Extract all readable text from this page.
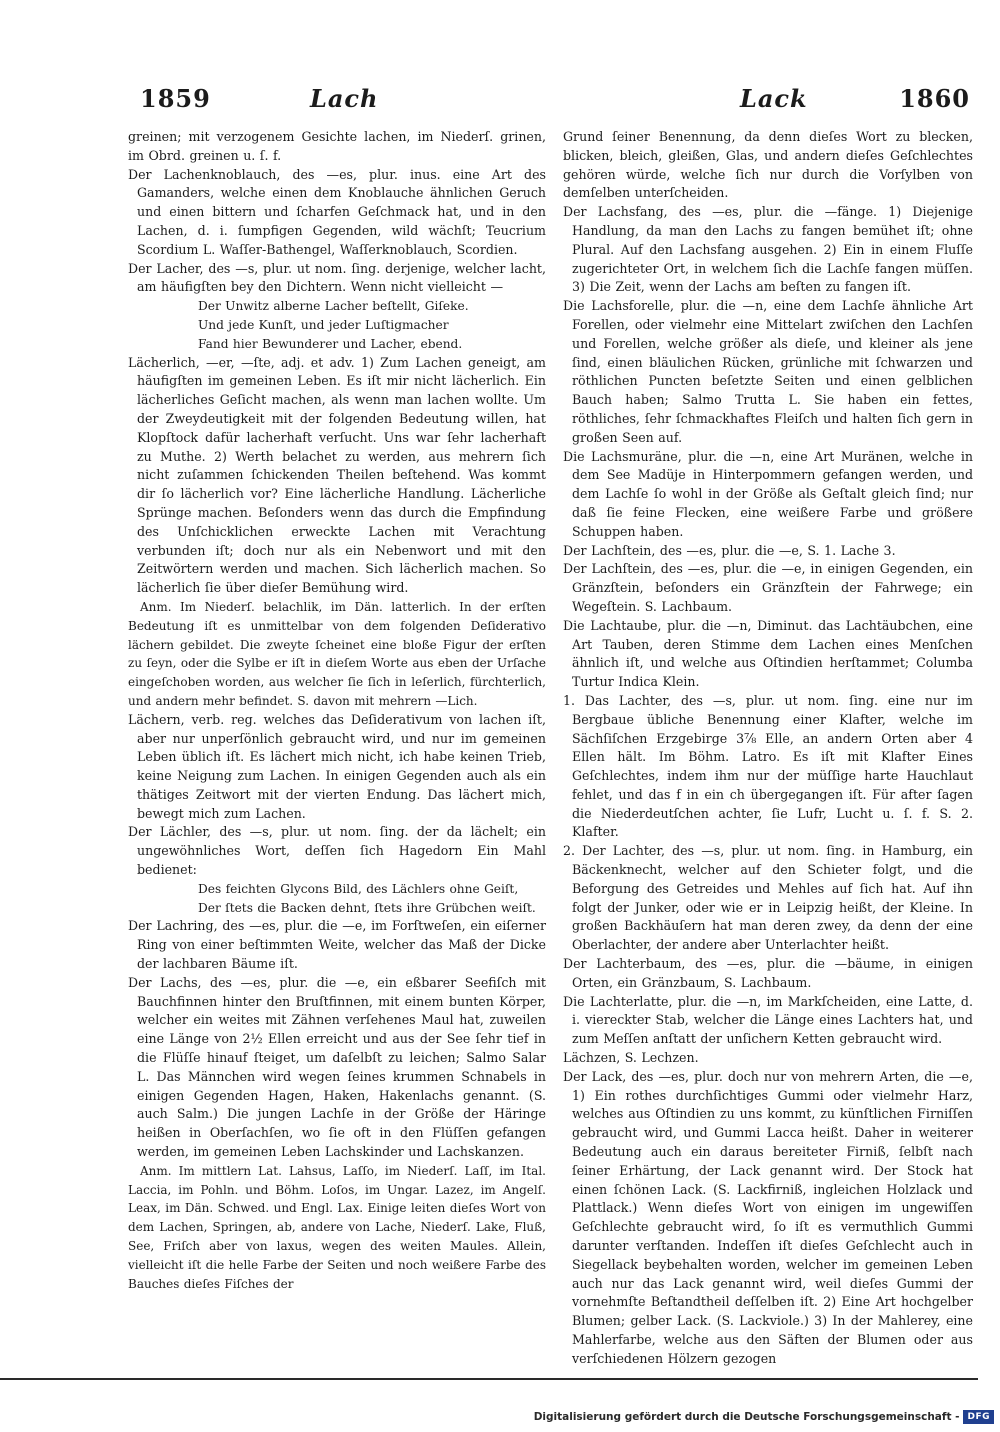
1859	Lach	Lack	1860

greinen; mit verzogenem Gesichte lachen, im Niederſ. grinen, im Obrd. greinen u. ſ. f.

Der Lachenknoblauch, des —es, plur. inus. eine Art des Gamanders, welche einen dem Knoblauche ähnlichen Geruch und einen bittern und ſcharfen Geſchmack hat, und in den Lachen, d. i. ſumpfigen Gegenden, wild wächſt; Teucrium Scordium L. Waſſer-Bathengel, Waſſerknoblauch, Scordien.

Der Lacher, des —s, plur. ut nom. ſing. derjenige, welcher lacht, am häufigſten bey den Dichtern. Wenn nicht vielleicht —

Der Unwitz alberne Lacher beſtellt, Giſeke.

Und jede Kunſt, und jeder Luſtigmacher

Fand hier Bewunderer und Lacher, ebend.

Lächerlich, —er, —ſte, adj. et adv. 1) Zum Lachen geneigt, am häufigſten im gemeinen Leben. Es iſt mir nicht lächerlich. Ein lächerliches Geſicht machen, als wenn man lachen wollte. Um der Zweydeutigkeit mit der folgenden Bedeutung willen, hat Klopſtock dafür lacherhaft verſucht. Uns war ſehr lacherhaft zu Muthe. 2) Werth belachet zu werden, aus mehrern ſich nicht zuſammen ſchickenden Theilen beſtehend. Was kommt dir ſo lächerlich vor? Eine lächerliche Handlung. Lächerliche Sprünge machen. Beſonders wenn das durch die Empfindung des Unſchicklichen erweckte Lachen mit Verachtung verbunden iſt; doch nur als ein Nebenwort und mit den Zeitwörtern werden und machen. Sich lächerlich machen. So lächerlich ſie über dieſer Bemühung wird.

Anm. Im Niederſ. belachlik, im Dän. latterlich. In der erſten Bedeutung iſt es unmittelbar von dem folgenden Deſiderativo lächern gebildet. Die zweyte ſcheinet eine bloße Figur der erſten zu ſeyn, oder die Sylbe er iſt in dieſem Worte aus eben der Urſache eingeſchoben worden, aus welcher ſie ſich in leſerlich, fürchterlich, und andern mehr befindet. S. davon mit mehrern —Lich.

Lächern, verb. reg. welches das Deſiderativum von lachen iſt, aber nur unperſönlich gebraucht wird, und nur im gemeinen Leben üblich iſt. Es lächert mich nicht, ich habe keinen Trieb, keine Neigung zum Lachen. In einigen Gegenden auch als ein thätiges Zeitwort mit der vierten Endung. Das lächert mich, bewegt mich zum Lachen.

Der Lächler, des —s, plur. ut nom. ſing. der da lächelt; ein ungewöhnliches Wort, deſſen ſich Hagedorn Ein Mahl bedienet:

Des feichten Glycons Bild, des Lächlers ohne Geiſt,

Der ſtets die Backen dehnt, ſtets ihre Grübchen weiſt.

Der Lachring, des —es, plur. die —e, im Forſtweſen, ein eiſerner Ring von einer beſtimmten Weite, welcher das Maß der Dicke der lachbaren Bäume iſt.

Der Lachs, des —es, plur. die —e, ein eßbarer Seefiſch mit Bauchfinnen hinter den Bruſtfinnen, mit einem bunten Körper, welcher ein weites mit Zähnen verſehenes Maul hat, zuweilen eine Länge von 2½ Ellen erreicht und aus der See ſehr tief in die Flüſſe hinauf ſteiget, um daſelbſt zu leichen; Salmo Salar L. Das Männchen wird wegen ſeines krummen Schnabels in einigen Gegenden Hagen, Haken, Hakenlachs genannt. (S. auch Salm.) Die jungen Lachſe in der Größe der Häringe heißen in Oberſachſen, wo ſie oft in den Flüſſen gefangen werden, im gemeinen Leben Lachskinder und Lachskanzen.

Anm. Im mittlern Lat. Lahsus, Laſſo, im Niederſ. Laſſ, im Ital. Laccia, im Pohln. und Böhm. Loſos, im Ungar. Lazez, im Angelſ. Leax, im Dän. Schwed. und Engl. Lax. Einige leiten dieſes Wort von dem Lachen, Springen, ab, andere von Lache, Niederſ. Lake, Fluß, See, Friſch aber von laxus, wegen des weiten Maules. Allein, vielleicht iſt die helle Farbe der Seiten und noch weißere Farbe des Bauches dieſes Fiſches der

Grund ſeiner Benennung, da denn dieſes Wort zu blecken, blicken, bleich, gleißen, Glas, und andern dieſes Geſchlechtes gehören würde, welche ſich nur durch die Vorſylben von demſelben unterſcheiden.

Der Lachsfang, des —es, plur. die —fänge. 1) Diejenige Handlung, da man den Lachs zu fangen bemühet iſt; ohne Plural. Auf den Lachsfang ausgehen. 2) Ein in einem Fluſſe zugerichteter Ort, in welchem ſich die Lachſe fangen müſſen. 3) Die Zeit, wenn der Lachs am beſten zu fangen iſt.

Die Lachsforelle, plur. die —n, eine dem Lachſe ähnliche Art Forellen, oder vielmehr eine Mittelart zwiſchen den Lachſen und Forellen, welche größer als dieſe, und kleiner als jene ſind, einen bläulichen Rücken, grünliche mit ſchwarzen und röthlichen Puncten beſetzte Seiten und einen gelblichen Bauch haben; Salmo Trutta L. Sie haben ein fettes, röthliches, ſehr ſchmackhaftes Fleiſch und halten ſich gern in großen Seen auf.

Die Lachsmuräne, plur. die —n, eine Art Muränen, welche in dem See Madüje in Hinterpommern gefangen werden, und dem Lachſe ſo wohl in der Größe als Geſtalt gleich ſind; nur daß ſie feine Flecken, eine weißere Farbe und größere Schuppen haben.

Der Lachſtein, des —es, plur. die —e, S. 1. Lache 3.

Der Lachſtein, des —es, plur. die —e, in einigen Gegenden, ein Gränzſtein, beſonders ein Gränzſtein der Fahrwege; ein Wegeſtein. S. Lachbaum.

Die Lachtaube, plur. die —n, Diminut. das Lachtäubchen, eine Art Tauben, deren Stimme dem Lachen eines Menſchen ähnlich iſt, und welche aus Oſtindien herſtammet; Columba Turtur Indica Klein.

1. Das Lachter, des —s, plur. ut nom. ſing. eine nur im Bergbaue übliche Benennung einer Klafter, welche im Sächſiſchen Erzgebirge 3⅞ Elle, an andern Orten aber 4 Ellen hält. Im Böhm. Latro. Es iſt mit Klafter Eines Geſchlechtes, indem ihm nur der müſſige harte Hauchlaut fehlet, und das f in ein ch übergegangen iſt. Für after ſagen die Niederdeutſchen achter, ſie Lufr, Lucht u. ſ. f. S. 2. Klafter.

2. Der Lachter, des —s, plur. ut nom. ſing. in Hamburg, ein Bäckenknecht, welcher auf den Schieter folgt, und die Beforgung des Getreides und Mehles auf ſich hat. Auf ihn folgt der Junker, oder wie er in Leipzig heißt, der Kleine. In großen Backhäuſern hat man deren zwey, da denn der eine Oberlachter, der andere aber Unterlachter heißt.

Der Lachterbaum, des —es, plur. die —bäume, in einigen Orten, ein Gränzbaum, S. Lachbaum.

Die Lachterlatte, plur. die —n, im Markſcheiden, eine Latte, d. i. viereckter Stab, welcher die Länge eines Lachters hat, und zum Meſſen anſtatt der unſichern Ketten gebraucht wird.

Lächzen, S. Lechzen.

Der Lack, des —es, plur. doch nur von mehrern Arten, die —e, 1) Ein rothes durchſichtiges Gummi oder vielmehr Harz, welches aus Oſtindien zu uns kommt, zu künſtlichen Firniſſen gebraucht wird, und Gummi Lacca heißt. Daher in weiterer Bedeutung auch ein daraus bereiteter Firniß, ſelbſt nach ſeiner Erhärtung, der Lack genannt wird. Der Stock hat einen ſchönen Lack. (S. Lackfirniß, ingleichen Holzlack und Plattlack.) Wenn dieſes Wort von einigen im ungewiſſen Geſchlechte gebraucht wird, ſo iſt es vermuthlich Gummi darunter verſtanden. Indeſſen iſt dieſes Geſchlecht auch in Siegellack beybehalten worden, welcher im gemeinen Leben auch nur das Lack genannt wird, weil dieſes Gummi der vornehmſte Beſtandtheil deſſelben iſt. 2) Eine Art hochgelber Blumen; gelber Lack. (S. Lackviole.) 3) In der Mahlerey, eine Mahlerfarbe, welche aus den Säften der Blumen oder aus verſchiedenen Hölzern gezogen

Digitalisierung gefördert durch die Deutsche Forschungsgemeinschaft - DFG
